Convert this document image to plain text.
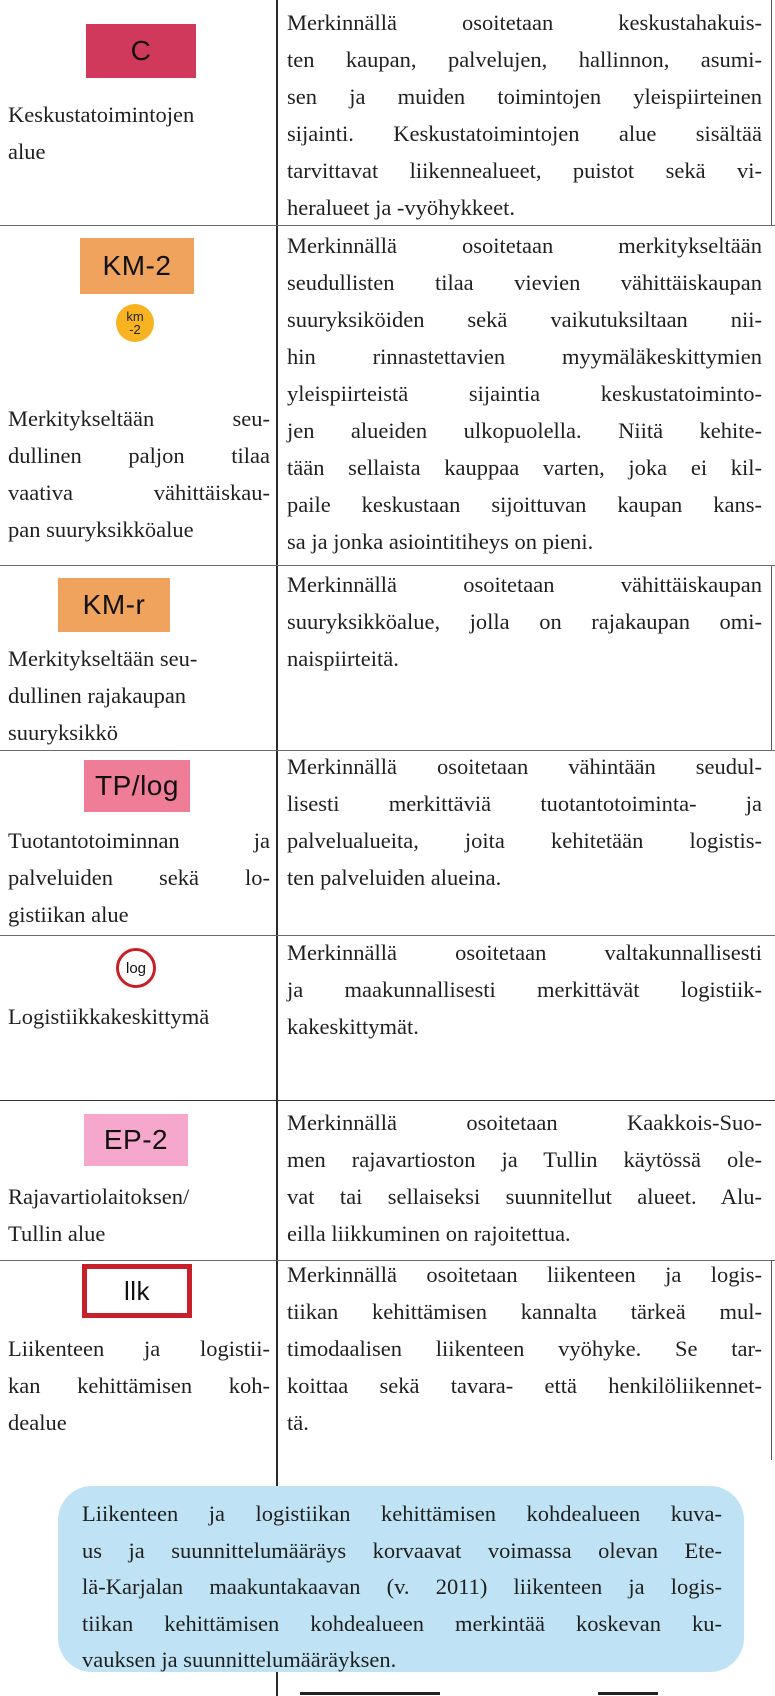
C
Keskustatoimintojen
alue
Merkinnällä osoitetaan keskustahakuis-
ten kaupan, palvelujen, hallinnon, asumi-
sen ja muiden toimintojen yleispiirteinen
sijainti. Keskustatoimintojen alue sisältää
tarvittavat liikennealueet, puistot sekä vi-
heralueet ja -vyöhykkeet.
KM-2
km
-2
Merkitykseltään seu-
dullinen paljon tilaa
vaativa vähittäiskau-
pan suuryksikköalue
Merkinnällä osoitetaan merkitykseltään
seudullisten tilaa vievien vähittäiskaupan
suuryksiköiden sekä vaikutuksiltaan nii-
hin rinnastettavien myymäläkeskittymien
yleispiirteistä sijaintia keskustatoiminto-
jen alueiden ulkopuolella. Niitä kehite-
tään sellaista kauppaa varten, joka ei kil-
paile keskustaan sijoittuvan kaupan kans-
sa ja jonka asiointitiheys on pieni.
KM-r
Merkitykseltään seu-
dullinen rajakaupan
suuryksikkö
Merkinnällä osoitetaan vähittäiskaupan
suuryksikköalue, jolla on rajakaupan omi-
naispiirteitä.
TP/log
Tuotantotoiminnan ja
palveluiden sekä lo-
gistiikan alue
Merkinnällä osoitetaan vähintään seudul-
lisesti merkittäviä tuotantotoiminta- ja
palvelualueita, joita kehitetään logistis-
ten palveluiden alueina.
log
Logistiikkakeskittymä
Merkinnällä osoitetaan valtakunnallisesti
ja maakunnallisesti merkittävät logistiik-
kakeskittymät.
EP-2
Rajavartiolaitoksen/
Tullin alue
Merkinnällä osoitetaan Kaakkois-Suo-
men rajavartioston ja Tullin käytössä ole-
vat tai sellaiseksi suunnitellut alueet. Alu-
eilla liikkuminen on rajoitettua.
llk
Liikenteen ja logistii-
kan kehittämisen koh-
dealue
Merkinnällä osoitetaan liikenteen ja logis-
tiikan kehittämisen kannalta tärkeä mul-
timodaalisen liikenteen vyöhyke. Se tar-
koittaa sekä tavara- että henkilöliikennet-
tä.
Liikenteen ja logistiikan kehittämisen kohdealueen kuva-
us ja suunnittelumääräys korvaavat voimassa olevan Ete-
lä-Karjalan maakuntakaavan (v. 2011) liikenteen ja logis-
tiikan kehittämisen kohdealueen merkintää koskevan ku-
vauksen ja suunnittelumääräyksen.
